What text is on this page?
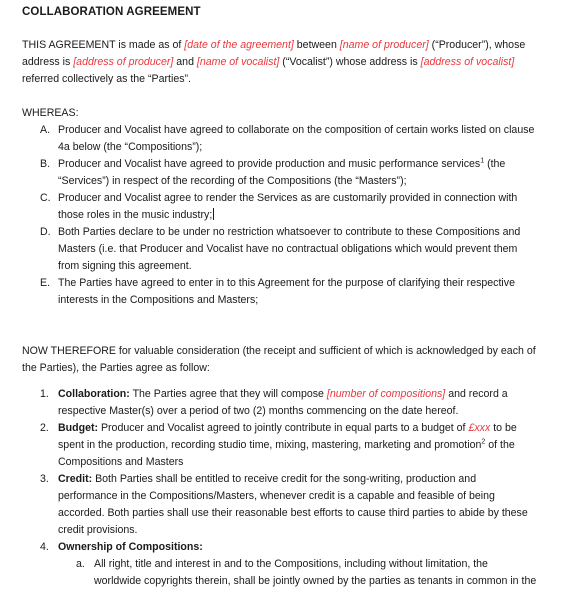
COLLABORATION AGREEMENT
THIS AGREEMENT is made as of [date of the agreement] between [name of producer] (“Producer”), whose
address is [address of producer] and [name of vocalist] (“Vocalist”) whose address is [address of vocalist]
referred collectively as the “Parties”.
WHEREAS:
A. Producer and Vocalist have agreed to collaborate on the composition of certain works listed on clause
4a below (the “Compositions”);
B. Producer and Vocalist have agreed to provide production and music performance services$^1$ (the
“Services”) in respect of the recording of the Compositions (the “Masters”);
C. Producer and Vocalist agree to render the Services as are customarily provided in connection with
those roles in the music industry;
D. Both Parties declare to be under no restriction whatsoever to contribute to these Compositions and
Masters (i.e. that Producer and Vocalist have no contractual obligations which would prevent them
from signing this agreement.
E. The Parties have agreed to enter in to this Agreement for the purpose of clarifying their respective
interests in the Compositions and Masters;
NOW THEREFORE for valuable consideration (the receipt and sufficient of which is acknowledged by each of
the Parties), the Parties agree as follow:
1. Collaboration: The Parties agree that they will compose [number of compositions] and record a
respective Master(s) over a period of two (2) months commencing on the date hereof.
2. Budget: Producer and Vocalist agreed to jointly contribute in equal parts to a budget of £xxx to be
spent in the production, recording studio time, mixing, mastering, marketing and promotion$^2$ of the
Compositions and Masters
3. Credit: Both Parties shall be entitled to receive credit for the song-writing, production and
performance in the Compositions/Masters, whenever credit is a capable and feasible of being
accorded. Both parties shall use their reasonable best efforts to cause third parties to abide by these
credit provisions.
4. Ownership of Compositions:
a. All right, title and interest in and to the Compositions, including without limitation, the
worldwide copyrights therein, shall be jointly owned by the parties as tenants in common in the
